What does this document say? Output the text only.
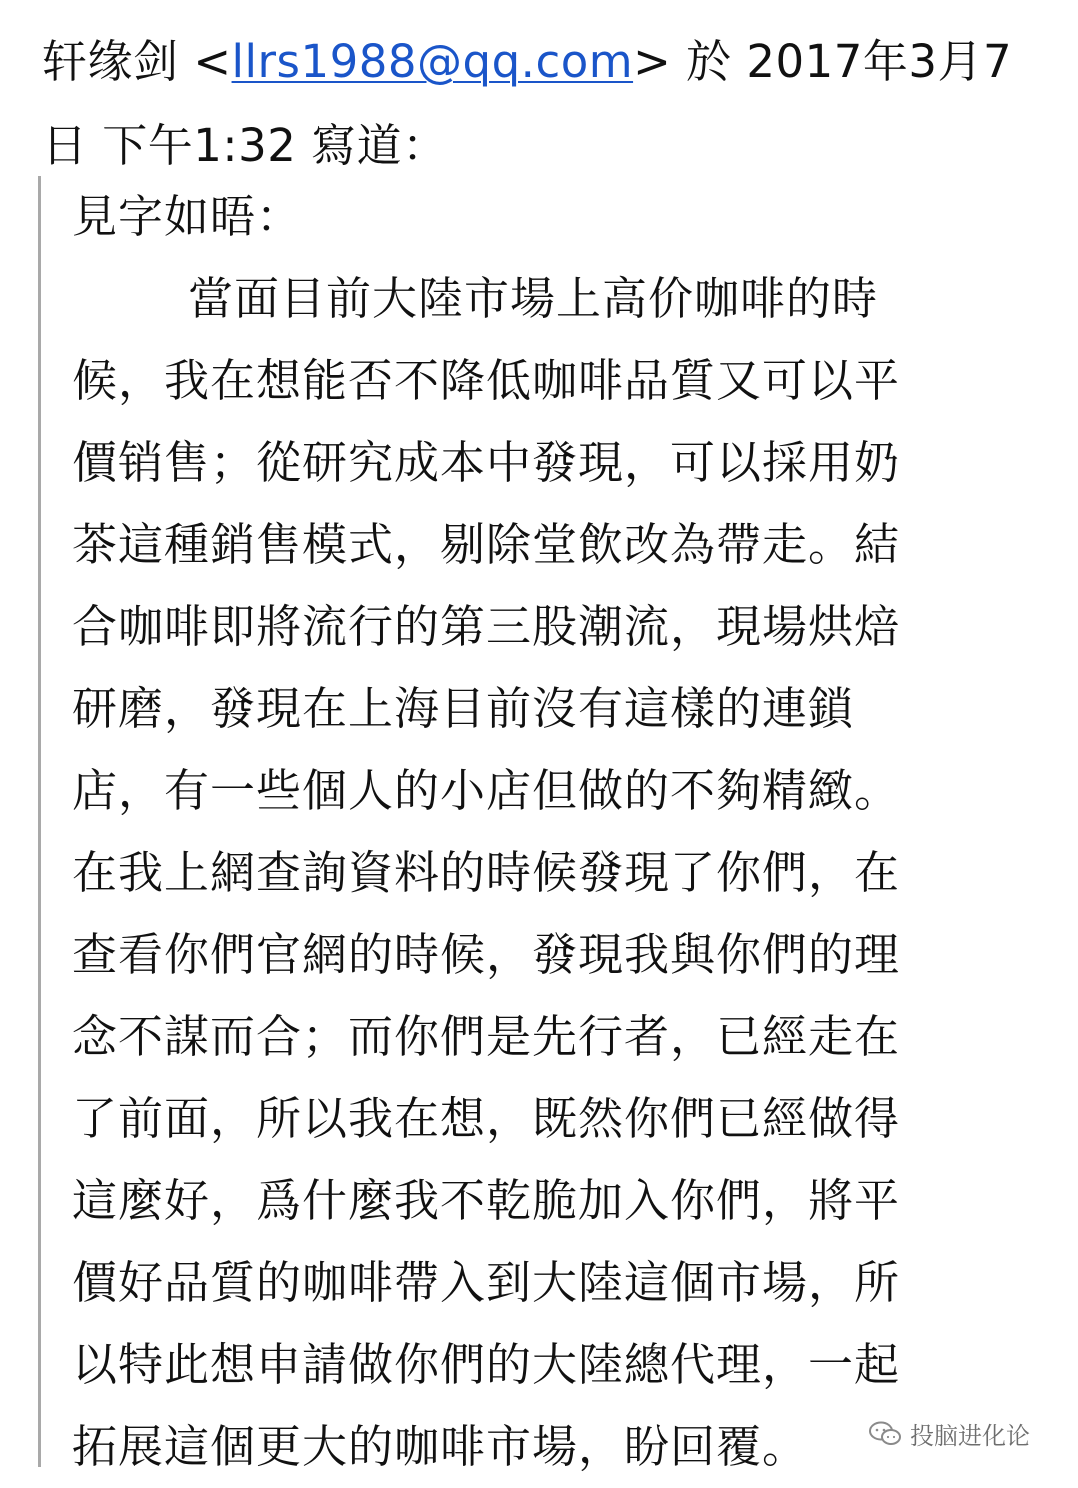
轩缘剑 <llrs1988@qq.com> 於 2017年3月7
日 下午1:32 寫道：
見字如晤：
當面目前大陸市場上高价咖啡的時
候，我在想能否不降低咖啡品質又可以平
價销售；從研究成本中發現，可以採用奶
茶這種銷售模式，剔除堂飲改為帶走。結
合咖啡即將流行的第三股潮流，現場烘焙
研磨，發現在上海目前沒有這樣的連鎖
店，有一些個人的小店但做的不夠精緻。
在我上網查詢資料的時候發現了你們，在
查看你們官網的時候，發現我與你們的理
念不謀而合；而你們是先行者，已經走在
了前面，所以我在想，既然你們已經做得
這麼好，爲什麼我不乾脆加入你們，將平
價好品質的咖啡帶入到大陸這個市場，所
以特此想申請做你們的大陸總代理，一起
拓展這個更大的咖啡市場，盼回覆。	投脑进化论
